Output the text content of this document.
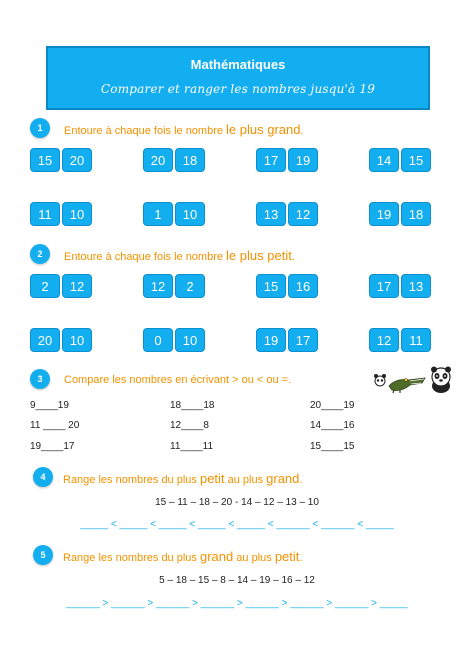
Mathématiques
Comparer et ranger les nombres jusqu'à 19
1	Entoure à chaque fois le nombre le plus grand.
15	20	20	18	17	19	14	15
11	10	1	10	13	12	19	18
2	Entoure à chaque fois le nombre le plus petit.
2	12	12	2	15	16	17	13
20	10	0	10	19	17	12	11
3	Compare les nombres en écrivant > ou < ou =.
9____19	18____18	20____19
11 ____ 20	12____8	14____16
19____17	11____11	15____15
4	Range les nombres du plus petit au plus grand.
15 – 11 – 18 – 20 - 14 – 12 – 13 – 10
_____ < _____ < _____ < _____ < _____ < ______ < ______ < _____
5	Range les nombres du plus grand au plus petit.
5 – 18 – 15 – 8 – 14 – 19 – 16 – 12
______ > ______ > ______ > ______ > ______ > ______ > ______ > _____
